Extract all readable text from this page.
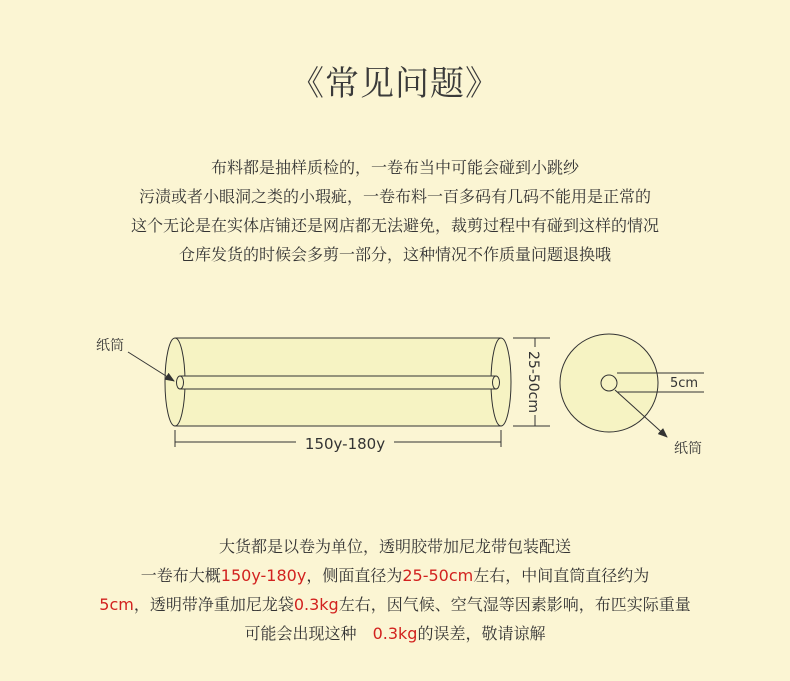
《常见问题》
布料都是抽样质检的，一卷布当中可能会碰到小跳纱
污渍或者小眼洞之类的小瑕疵，一卷布料一百多码有几码不能用是正常的
这个无论是在实体店铺还是网店都无法避免，裁剪过程中有碰到这样的情况
仓库发货的时候会多剪一部分，这种情况不作质量问题退换哦
纸筒
150y-180y
25-50cm	5cm
纸筒
大货都是以卷为单位，透明胶带加尼龙带包装配送
一卷布大概150y-180y，侧面直径为25-50cm左右，中间直筒直径约为
5cm，透明带净重加尼龙袋0.3kg左右，因气候、空气湿等因素影响，布匹实际重量
可能会出现这种　0.3kg的误差，敬请谅解
